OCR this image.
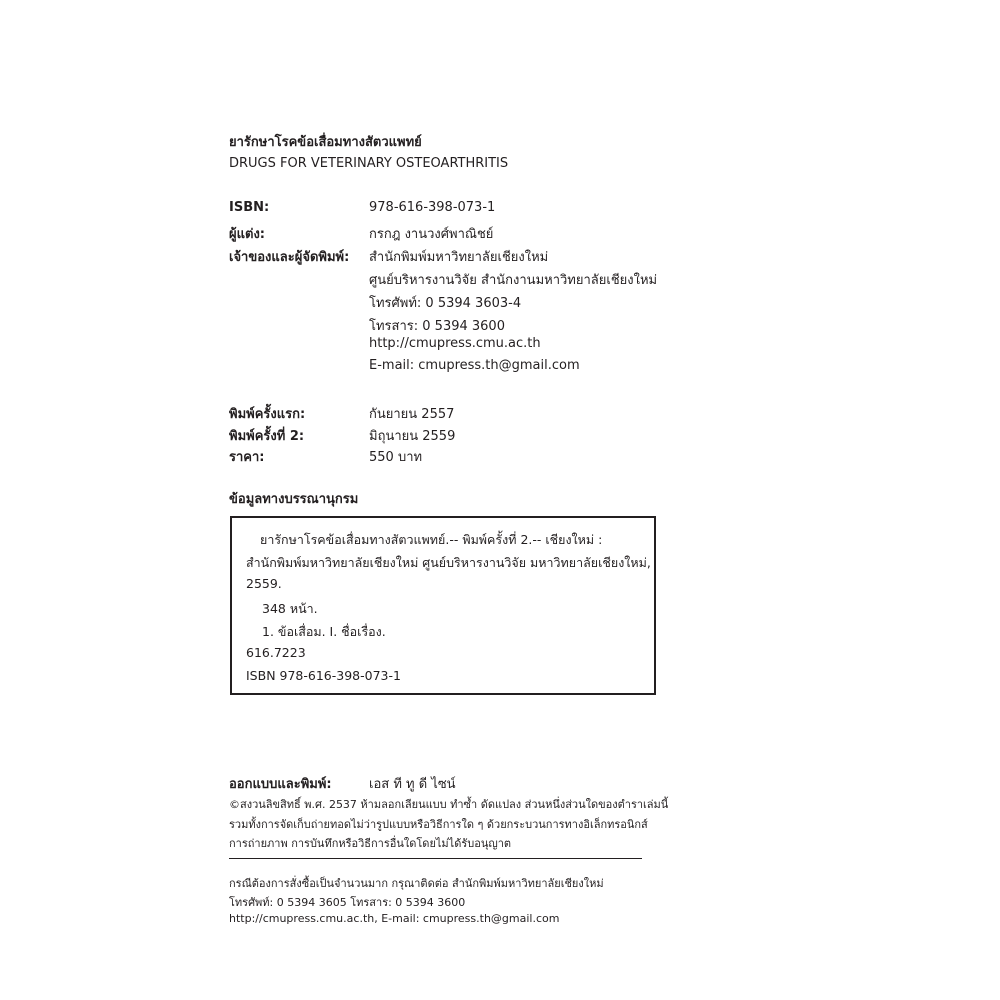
ยารักษาโรคข้อเสื่อมทางสัตวแพทย์
DRUGS FOR VETERINARY OSTEOARTHRITIS
ISBN:	978-616-398-073-1
ผู้แต่ง:	กรกฎ งานวงศ์พาณิชย์
เจ้าของและผู้จัดพิมพ์: สำนักพิมพ์มหาวิทยาลัยเชียงใหม่
ศูนย์บริหารงานวิจัย สำนักงานมหาวิทยาลัยเชียงใหม่
โทรศัพท์: 0 5394 3603-4
โทรสาร: 0 5394 3600
http://cmupress.cmu.ac.th
E-mail: cmupress.th@gmail.com
พิมพ์ครั้งแรก:	กันยายน 2557
พิมพ์ครั้งที่ 2:	มิถุนายน 2559
ราคา:	550 บาท
ข้อมูลทางบรรณานุกรม
ยารักษาโรคข้อเสื่อมทางสัตวแพทย์.-- พิมพ์ครั้งที่ 2.-- เชียงใหม่ :
สำนักพิมพ์มหาวิทยาลัยเชียงใหม่ ศูนย์บริหารงานวิจัย มหาวิทยาลัยเชียงใหม่,
2559.
348 หน้า.
1. ข้อเสื่อม. I. ชื่อเรื่อง.
616.7223
ISBN 978-616-398-073-1
ออกแบบและพิมพ์:	เอส ที ทู ดี ไซน์
©สงวนลิขสิทธิ์ พ.ศ. 2537 ห้ามลอกเลียนแบบ ทำซ้ำ ดัดแปลง ส่วนหนึ่งส่วนใดของตำราเล่มนี้
รวมทั้งการจัดเก็บถ่ายทอดไม่ว่ารูปแบบหรือวิธีการใด ๆ ด้วยกระบวนการทางอิเล็กทรอนิกส์
การถ่ายภาพ การบันทึกหรือวิธีการอื่นใดโดยไม่ได้รับอนุญาต
กรณีต้องการสั่งซื้อเป็นจำนวนมาก กรุณาติดต่อ สำนักพิมพ์มหาวิทยาลัยเชียงใหม่
โทรศัพท์: 0 5394 3605 โทรสาร: 0 5394 3600
http://cmupress.cmu.ac.th, E-mail: cmupress.th@gmail.com
